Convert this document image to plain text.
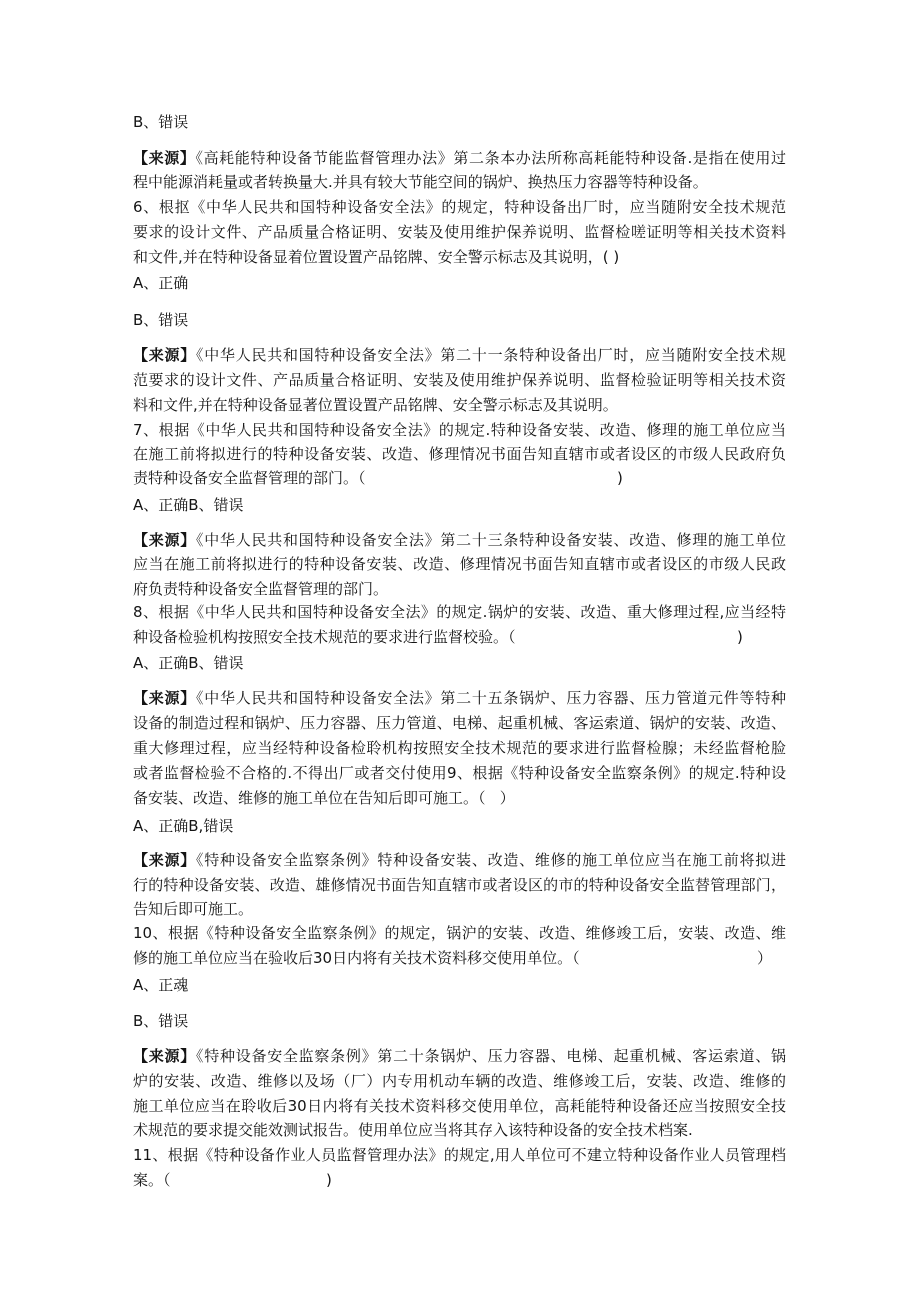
B、错误
【来源】《高耗能特种设备节能监督管理办法》第二条本办法所称高耗能特种设备.是指在使用过
程中能源消耗量或者转换量大.并具有较大节能空间的锅炉、换热压力容器等特种设备。
6、根抠《中华人民共和国特种设备安全法》的规定，特种设备出厂时，应当随附安全技术规范
要求的设计文件、产品质量合格证明、安装及使用维护保养说明、监督检嗟证明等相关技术资料
和文件,并在特种设备显着位置设置产品铭牌、安全警示标志及其说明，( )
A、正确
B、错误
【来源】《中华人民共和国特种设备安全法》第二十一条特种设备出厂时，应当随附安全技术规
范要求的设计文件、产品质量合格证明、安装及使用维护保养说明、监督检验证明等相关技术资
料和文件,并在特种设备显著位置设置产品铭牌、安全警示标志及其说明。
7、根据《中华人民共和国特种设备安全法》的规定.特种设备安装、改造、修理的施工单位应当
在施工前将拟进行的特种设备安装、改造、修理情况书面告知直辖市或者设区的市级人民政府负
责特种设备安全监督管理的部门。（	)
A、正确B、错误
【来源】《中华人民共和国特种设备安全法》第二十三条特种设备安装、改造、修理的施工单位
应当在施工前将拟进行的特种设备安装、改造、修理情况书面告知直辖市或者设区的市级人民政
府负责特种设备安全监督管理的部门。
8、根据《中华人民共和国特种设备安全法》的规定.锅炉的安装、改造、重大修理过程,应当经特
种设备检验机构按照安全技术规范的要求进行监督校验。（	)
A、正确B、错误
【来源】《中华人民共和国特种设备安全法》第二十五条锅炉、压力容器、压力管道元件等特种
设备的制造过程和锅炉、压力容器、压力管道、电梯、起重机械、客运索道、锅炉的安装、改造、
重大修理过程，应当经特种设备检聆机构按照安全技术规范的要求进行监督检腺；未经监督枪脸
或者监督检验不合格的.不得出厂或者交付使用9、根据《特种设备安全监察条例》的规定.特种设
备安装、改造、维修的施工单位在告知后即可施工。（   ）
A、正确B,错误
【来源】《特种设备安全监察条例》特种设备安装、改造、维修的施工单位应当在施工前将拟进
行的特种设备安装、改造、雄修情况书面告知直辖市或者设区的市的特种设备安全监替管理部门，
告知后即可施工。
10、根据《特种设备安全监察条例》的规定，锅沪的安装、改造、维修竣工后，安装、改造、维
修的施工单位应当在验收后30日内将有关技术资料移交使用单位。（	）
A、正魂
B、错误
【来源】《特种设备安全监察条例》第二十条锅炉、压力容器、电梯、起重机械、客运索道、锅
炉的安装、改造、维修以及场（厂）内专用机动车辆的改造、维修竣工后，安装、改造、维修的
施工单位应当在聆收后30日内将有关技术资料移交使用单位，高耗能特种设备还应当按照安全技
术规范的要求提交能效测试报告。使用单位应当将其存入该特种设备的安全技术档案.
11、根据《特种设备作业人员监督管理办法》的规定,用人单位可不建立特种设备作业人员管理档
案。（	)
